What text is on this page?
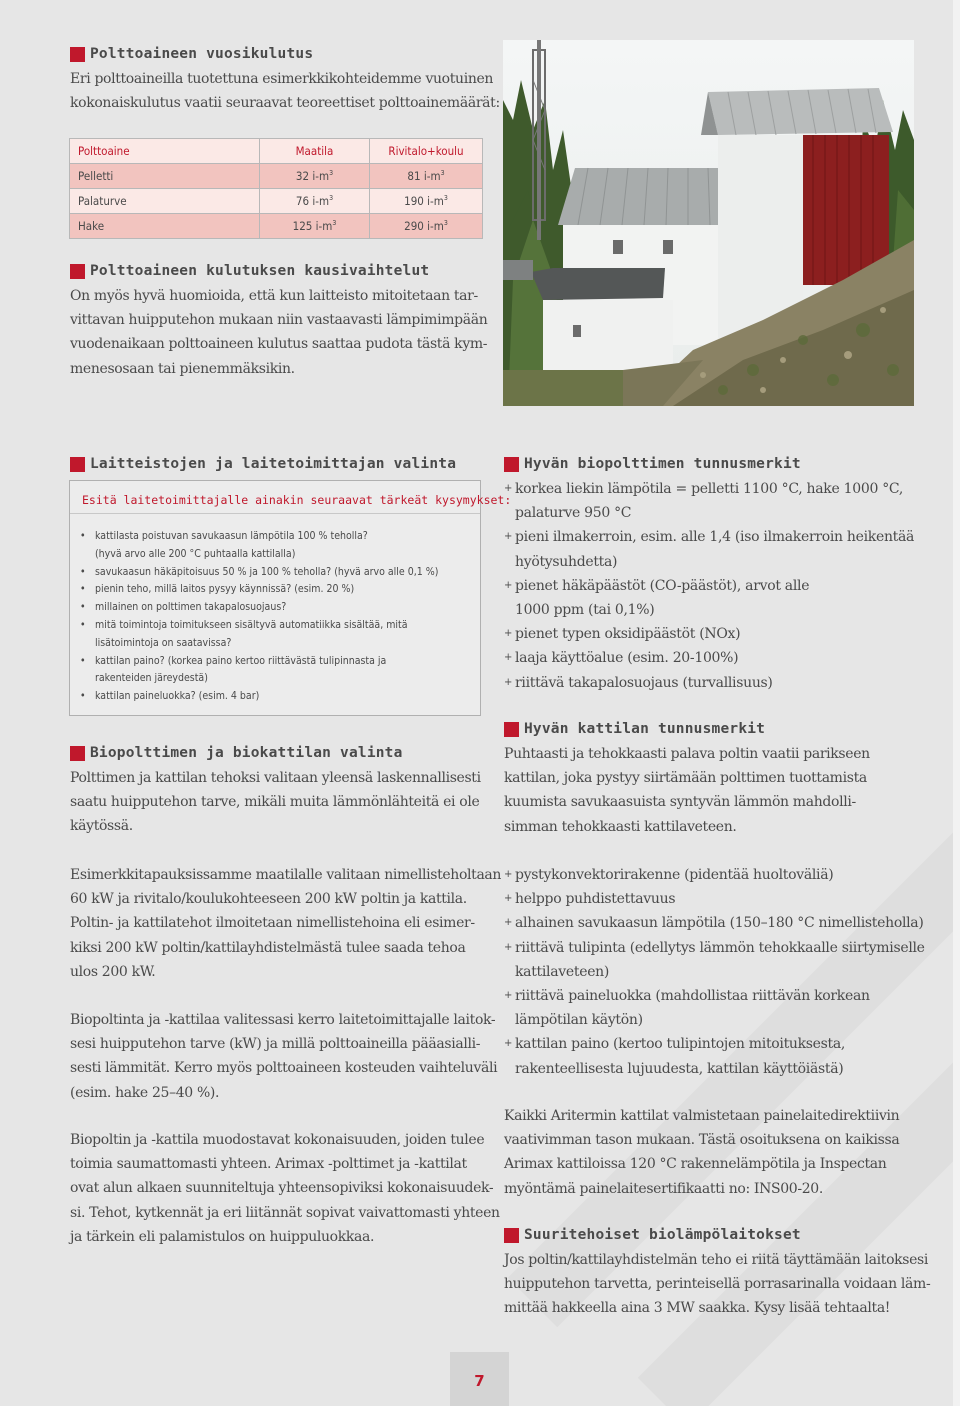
Polttoaineen vuosikulutus
Eri polttoaineilla tuotettuna esimerkkikohteidemme vuotuinen
kokonaiskulutus vaatii seuraavat teoreettiset polttoainemäärät:
Polttoaine	Maatila	Rivitalo+koulu
Pelletti	32 $i-m^3$	81 $i-m^3$
Palaturve	76 $i-m^3$	190 $i-m^3$
Hake	125 $i-m^3$	290 $i-m^3$
Polttoaineen kulutuksen kausivaihtelut
On myös hyvä huomioida, että kun laitteisto mitoitetaan tar-
vittavan huipputehon mukaan niin vastaavasti lämpimimpään
vuodenaikaan polttoaineen kulutus saattaa pudota tästä kym-
menesosaan tai pienemmäksikin.
Laitteistojen ja laitetoimittajan valinta
Esitä laitetoimittajalle ainakin seuraavat tärkeät kysymykset:
• kattilasta poistuvan savukaasun lämpötila 100 % teholla?
(hyvä arvo alle 200 °C puhtaalla kattilalla)
• savukaasun häkäpitoisuus 50 % ja 100 % teholla? (hyvä arvo alle 0,1 %)
• pienin teho, millä laitos pysyy käynnissä? (esim. 20 %)
• millainen on polttimen takapalosuojaus?
• mitä toimintoja toimitukseen sisältyvä automatiikka sisältää, mitä
lisätoimintoja on saatavissa?
• kattilan paino? (korkea paino kertoo riittävästä tulipinnasta ja
rakenteiden järeydestä)
• kattilan paineluokka? (esim. 4 bar)
Biopolttimen ja biokattilan valinta
Polttimen ja kattilan tehoksi valitaan yleensä laskennallisesti
saatu huipputehon tarve, mikäli muita lämmönlähteitä ei ole
käytössä.
Esimerkkitapauksissamme maatilalle valitaan nimellisteholtaan
60 kW ja rivitalo/koulukohteeseen 200 kW poltin ja kattila.
Poltin- ja kattilatehot ilmoitetaan nimellistehoina eli esimer-
kiksi 200 kW poltin/kattilayhdistelmästä tulee saada tehoa
ulos 200 kW.
Biopoltinta ja -kattilaa valitessasi kerro laitetoimittajalle laitok-
sesi huipputehon tarve (kW) ja millä polttoaineilla pääasialli-
sesti lämmität. Kerro myös polttoaineen kosteuden vaihteluväli
(esim. hake 25–40 %).
Biopoltin ja -kattila muodostavat kokonaisuuden, joiden tulee
toimia saumattomasti yhteen. Arimax -polttimet ja -kattilat
ovat alun alkaen suunniteltuja yhteensopiviksi kokonaisuudek-
si. Tehot, kytkennät ja eri liitännät sopivat vaivattomasti yhteen
ja tärkein eli palamistulos on huippuluokkaa.
Hyvän biopolttimen tunnusmerkit
+ korkea liekin lämpötila = pelletti 1100 °C, hake 1000 °C,
palaturve 950 °C
+ pieni ilmakerroin, esim. alle 1,4 (iso ilmakerroin heikentää
hyötysuhdetta)
+ pienet häkäpäästöt (CO-päästöt), arvot alle
1000 ppm (tai 0,1%)
+ pienet typen oksidipäästöt (NOx)
+ laaja käyttöalue (esim. 20-100%)
+ riittävä takapalosuojaus (turvallisuus)
Hyvän kattilan tunnusmerkit
Puhtaasti ja tehokkaasti palava poltin vaatii parikseen
kattilan, joka pystyy siirtämään polttimen tuottamista
kuumista savukaasuista syntyvän lämmön mahdolli-
simman tehokkaasti kattilaveteen.
+ pystykonvektorirakenne (pidentää huoltoväliä)
+ helppo puhdistettavuus
+ alhainen savukaasun lämpötila (150–180 °C nimellisteholla)
+ riittävä tulipinta (edellytys lämmön tehokkaalle siirtymiselle
kattilaveteen)
+ riittävä paineluokka (mahdollistaa riittävän korkean
lämpötilan käytön)
+ kattilan paino (kertoo tulipintojen mitoituksesta,
rakenteellisesta lujuudesta, kattilan käyttöiästä)
Kaikki Aritermin kattilat valmistetaan painelaitedirektiivin
vaativimman tason mukaan. Tästä osoituksena on kaikissa
Arimax kattiloissa 120 °C rakennelämpötila ja Inspectan
myöntämä painelaitesertifikaatti no: INS00-20.
Suuritehoiset biolämpölaitokset
Jos poltin/kattilayhdistelmän teho ei riitä täyttämään laitoksesi
huipputehon tarvetta, perinteisellä porrasarinalla voidaan läm-
mittää hakkeella aina 3 MW saakka. Kysy lisää tehtaalta!
7
